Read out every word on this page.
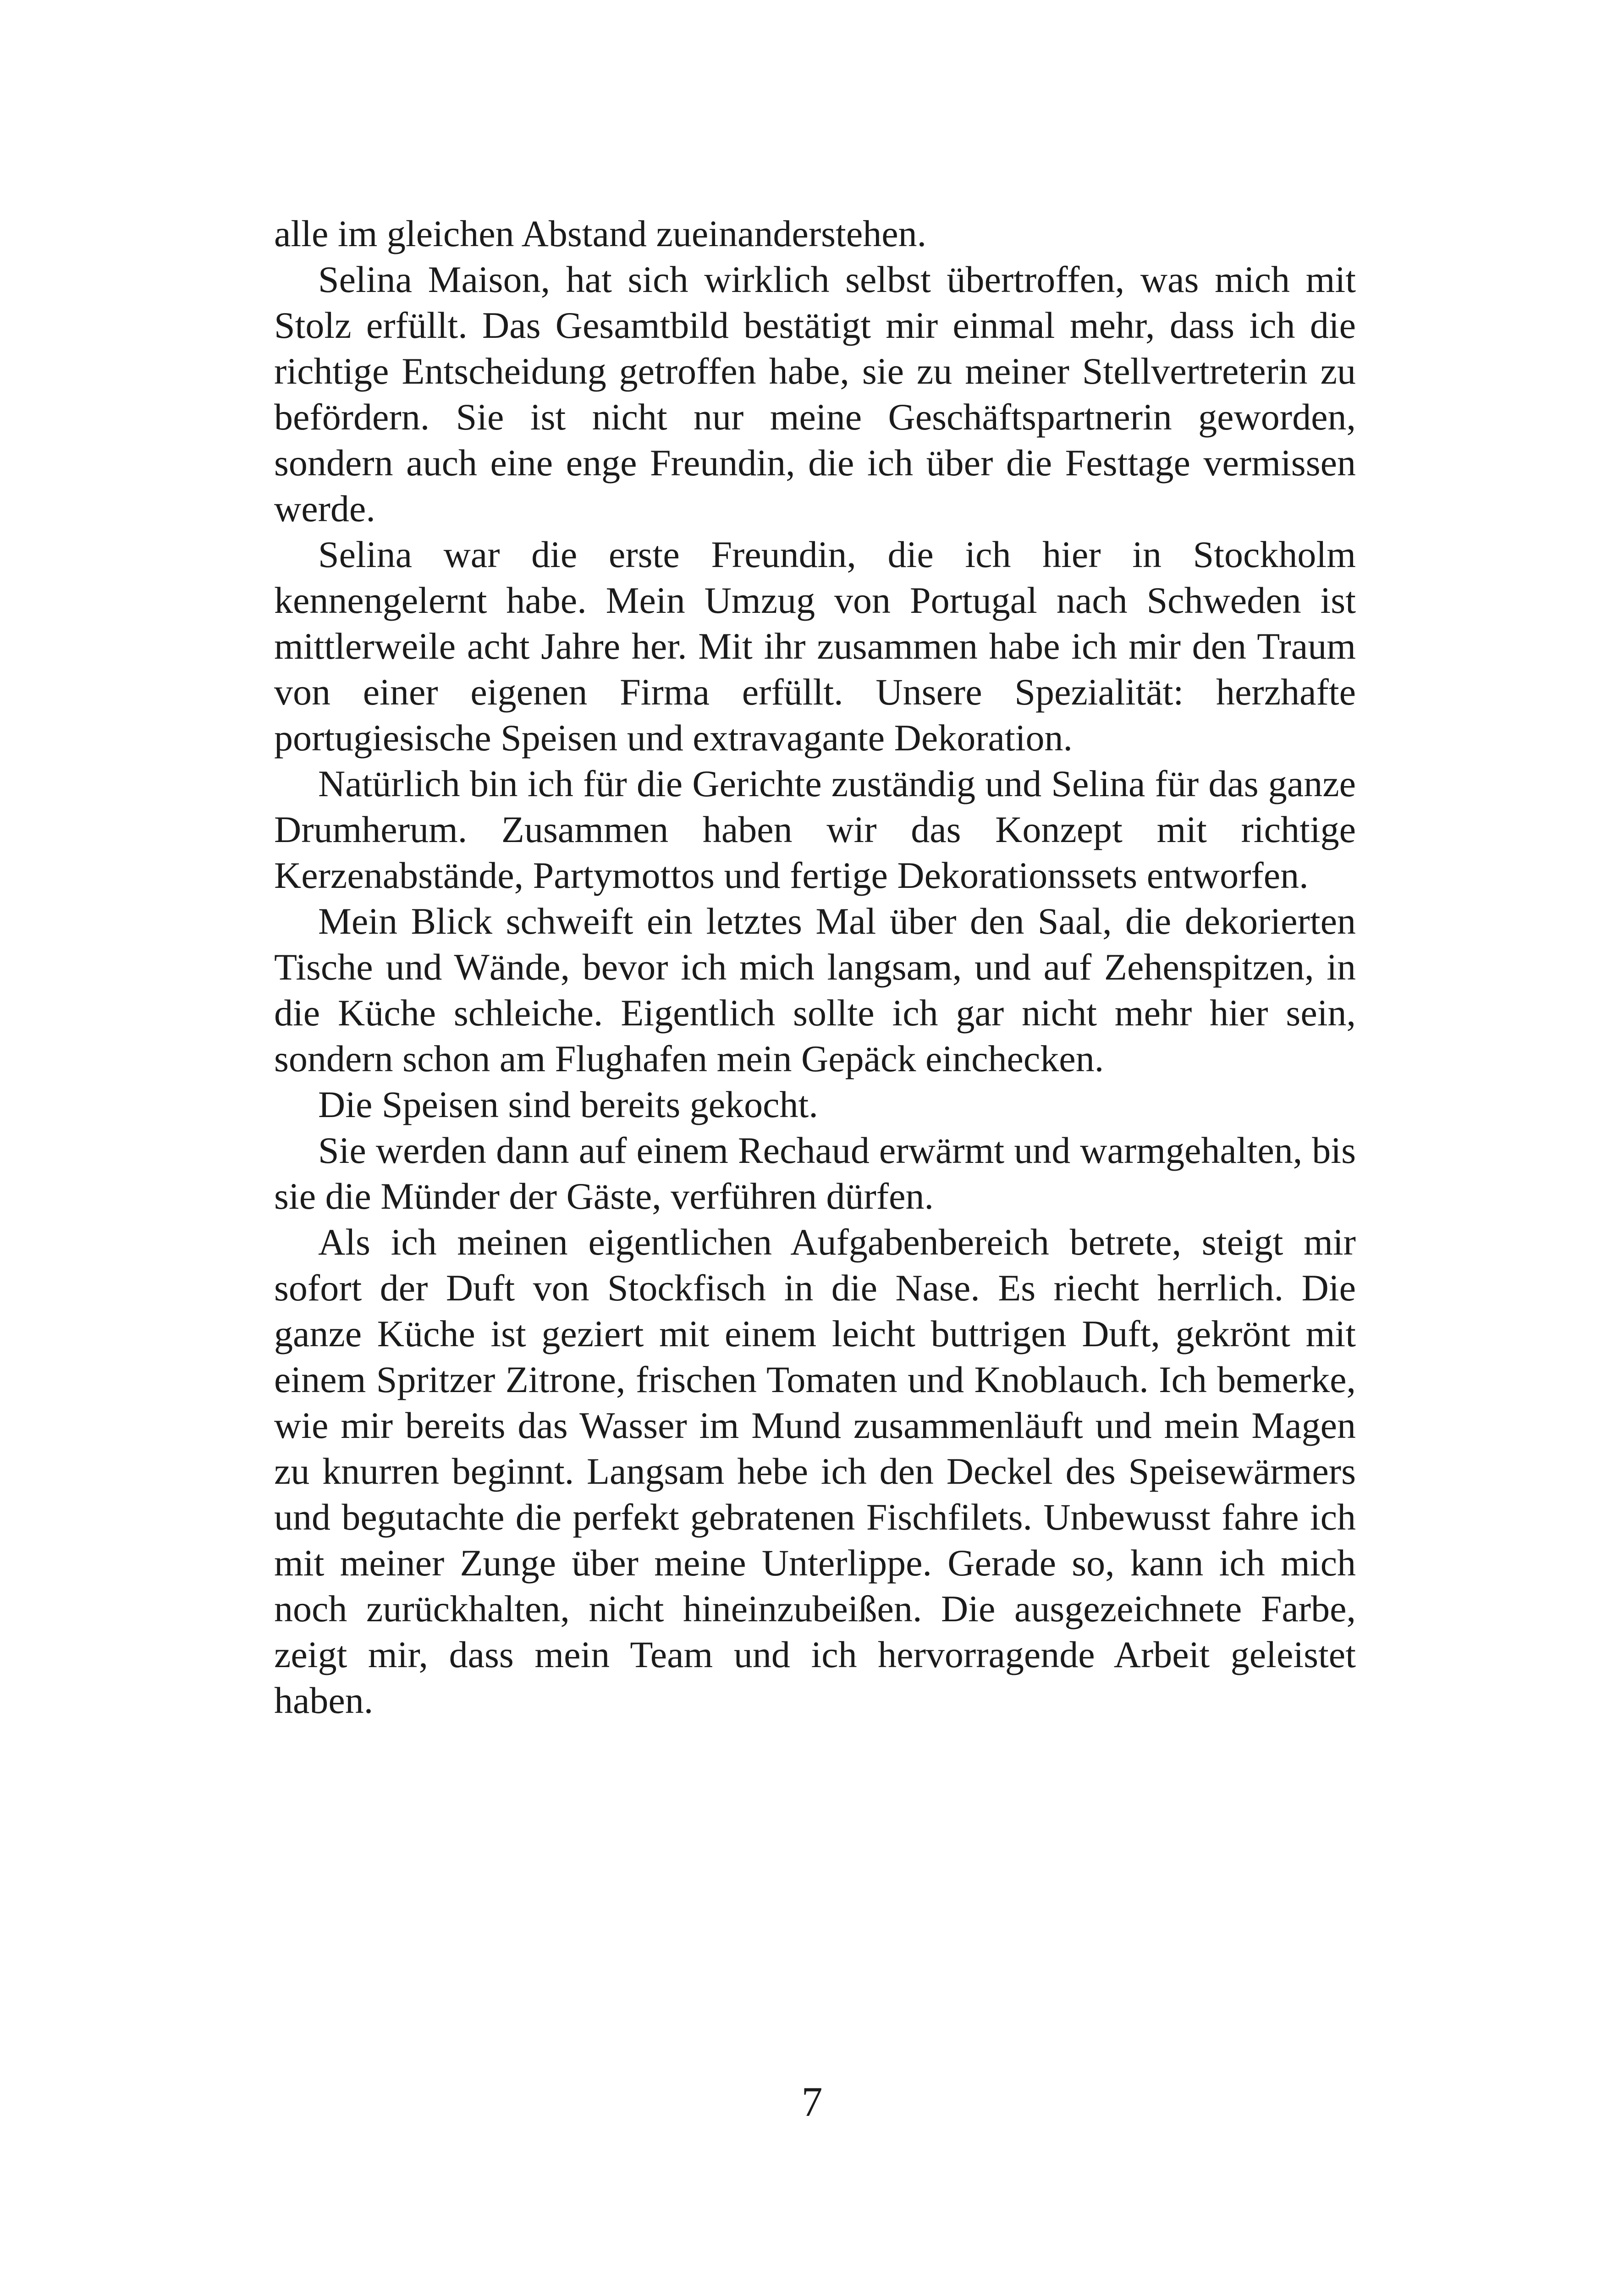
alle im gleichen Abstand zueinanderstehen.

Selina Maison, hat sich wirklich selbst übertroffen, was mich mit Stolz erfüllt. Das Gesamtbild bestätigt mir einmal mehr, dass ich die richtige Entscheidung getroffen habe, sie zu meiner Stellvertreterin zu befördern. Sie ist nicht nur meine Geschäftspartnerin geworden, sondern auch eine enge Freundin, die ich über die Festtage vermissen werde.

Selina war die erste Freundin, die ich hier in Stockholm kennengelernt habe. Mein Umzug von Portugal nach Schweden ist mittlerweile acht Jahre her. Mit ihr zusammen habe ich mir den Traum von einer eigenen Firma erfüllt. Unsere Spezialität: herzhafte portugiesische Speisen und extravagante Dekoration.

Natürlich bin ich für die Gerichte zuständig und Selina für das ganze Drumherum. Zusammen haben wir das Konzept mit richtige Kerzenabstände, Partymottos und fertige Dekorationssets entworfen.

Mein Blick schweift ein letztes Mal über den Saal, die dekorierten Tische und Wände, bevor ich mich langsam, und auf Zehenspitzen, in die Küche schleiche. Eigentlich sollte ich gar nicht mehr hier sein, sondern schon am Flughafen mein Gepäck einchecken.

Die Speisen sind bereits gekocht.

Sie werden dann auf einem Rechaud erwärmt und warmgehalten, bis sie die Münder der Gäste, verführen dürfen.

Als ich meinen eigentlichen Aufgabenbereich betrete, steigt mir sofort der Duft von Stockfisch in die Nase. Es riecht herrlich. Die ganze Küche ist geziert mit einem leicht buttrigen Duft, gekrönt mit einem Spritzer Zitrone, frischen Tomaten und Knoblauch. Ich bemerke, wie mir bereits das Wasser im Mund zusammenläuft und mein Magen zu knurren beginnt. Langsam hebe ich den Deckel des Speisewärmers und begutachte die perfekt gebratenen Fischfilets. Unbewusst fahre ich mit meiner Zunge über meine Unterlippe. Gerade so, kann ich mich noch zurückhalten, nicht hineinzubeißen. Die ausgezeichnete Farbe, zeigt mir, dass mein Team und ich hervorragende Arbeit geleistet haben.

7
